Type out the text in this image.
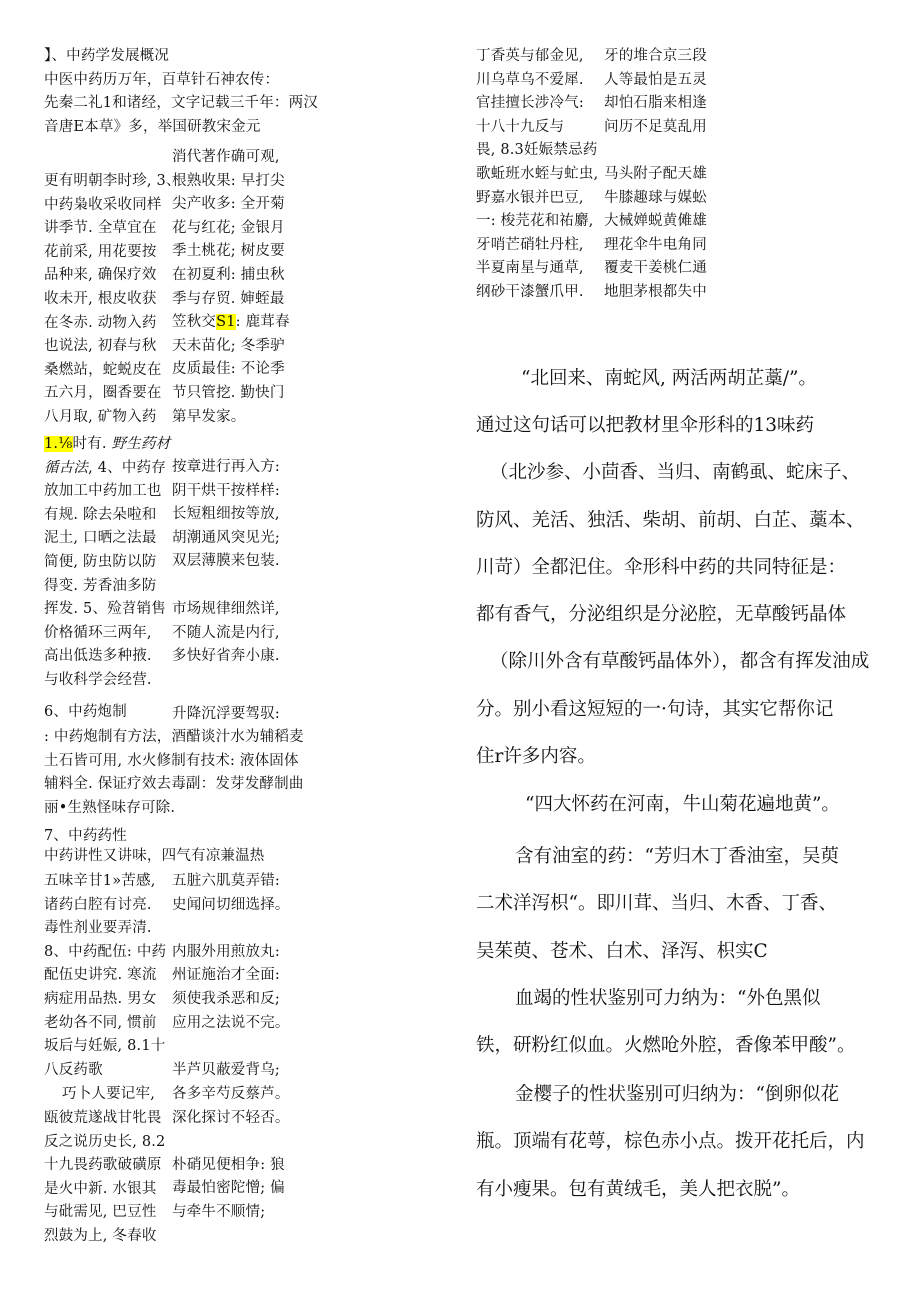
】、中药学发展概况
中医中药历万年，百草针石神农传：
先秦二礼1和诸经，文字记载三千年：两汉
音唐E本草》多，举国研教宋金元
更有明朝李时珍, 3、
中药枭收采收同样
讲季节. 全草宜在
花前采, 用花要按
品种来, 确保疗效
收未开, 根皮收获
在冬赤. 动物入药
也说法, 初春与秋
桑燃站，蛇蜕皮在
五六月，圈香要在
八月取, 矿物入药
消代著作确可观,
根熟收果: 早打尖
尖产收多: 全开菊
花与红花; 金银月
季土桃花; 树皮要
在初夏利: 捕虫秋
季与存贸. 婶蛭最
笠秋交S1: 鹿茸春
天未苗化; 冬季驴
皮质最佳: 不论季
节只管挖. 勤快门
第早发家。
1.⅛时有. 野生药材
循古法, 4、中药存
放加工中药加工也
有规. 除去朵啦和
泥土, 口晒之法最
简便, 防虫防以防
得变. 芳香油多防
挥发. 5、殓苕销售
价格循环三两年,
高出低迭多种掖.
与收科学会经营.
按章进行再入方:
阴干烘干按样样:
长短粗细按等放,
胡潮通风突见光;
双层薄膜来包装.
市场规律细然详,
不随人流是内行,
多快好省奔小康.
6、中药炮制	升降沉浮要驾驭:
: 中药炮制有方法，酒醋谈汁水为辅稻麦
土石皆可用, 水火修制有技术: 液体固体
辅料全. 保证疗效去毒副：发芽发酵制曲
丽•生熟怪味存可除.
7、中药药性
中药讲性又讲味，四气有凉兼温热
五味辛甘1»苦感,
诸药白腔有讨亮.
毒性剂业要弄清.
8、中药配伍: 中药
配伍史讲究. 寒流
病症用品热. 男女
老幼各不同, 惯前
坂后与妊娠, 8.1十
八反药歌
五脏六肌莫弄错:
史闻问切细选择。

内服外用煎放丸:
州证施治才全面:
须使我杀恶和反;
应用之法说不完。

半芦贝蔽爱背乌;
巧卜人要记牢,
瓯彼荒遂战甘牝畏
反之说历史长, 8.2
十九畏药歌破磺原
是火中新. 水银其
与砒需见, 巴豆性
烈鼓为上, 冬春收
各多辛芍反蔡芦。
深化探讨不轻否。

朴硝见便相争: 狼
毒最怕密陀憎; 偏
与牵牛不顺情;
丁香英与郁金见,
川乌草乌不爱犀.
官挂擅长涉冷气:
十八十九反与
畏, 8.3妊娠禁忌药
歌蚯班水蛭与虻虫,
野嘉水银并巴豆,
一: 梭芫花和祐麝,
牙哨芒硝牡丹柱,
半夏南星与通草,
纲砂干漆蟹爪甲.
牙的堆合京三段
人等最怕是五灵
却怕石脂来相逢
问历不足莫乱用

马头附子配天雄
牛膝趣球与媒蚣
大械婵蜕黄傩雄
理花伞牛电角同
覆麦干姜桃仁通
地胆茅根都失中
“北回来、南蛇风, 两活两胡芷藁/”。
通过这句话可以把教材里伞形科的13味药
（北沙参、小茴香、当归、南鹤虱、蛇床子、
防风、羌活、独活、柴胡、前胡、白芷、藁本、
川苛）全都汜住。伞形科中药的共同特征是：
都有香气，分泌组织是分泌腔，无草酸钙晶体
（除川外含有草酸钙晶体外），都含有挥发油成
分。别小看这短短的一·句诗，其实它帮你记
住r许多内容。
“四大怀药在河南，牛山菊花遍地黄”。
含有油室的药：“芳归木丁香油室，吴萸
二术洋泻枳“。即川茸、当归、木香、丁香、
吴茱萸、苍术、白术、泽泻、枳实C
血竭的性状鉴别可力纳为：“外色黑似
铁，研粉红似血。火燃呛外腔，香像苯甲酸”。
金樱子的性状鉴别可归纳为：“倒卵似花
瓶。顶端有花萼，棕色赤小点。拨开花托后，内
有小瘦果。包有黄绒毛，美人把衣脱”。
